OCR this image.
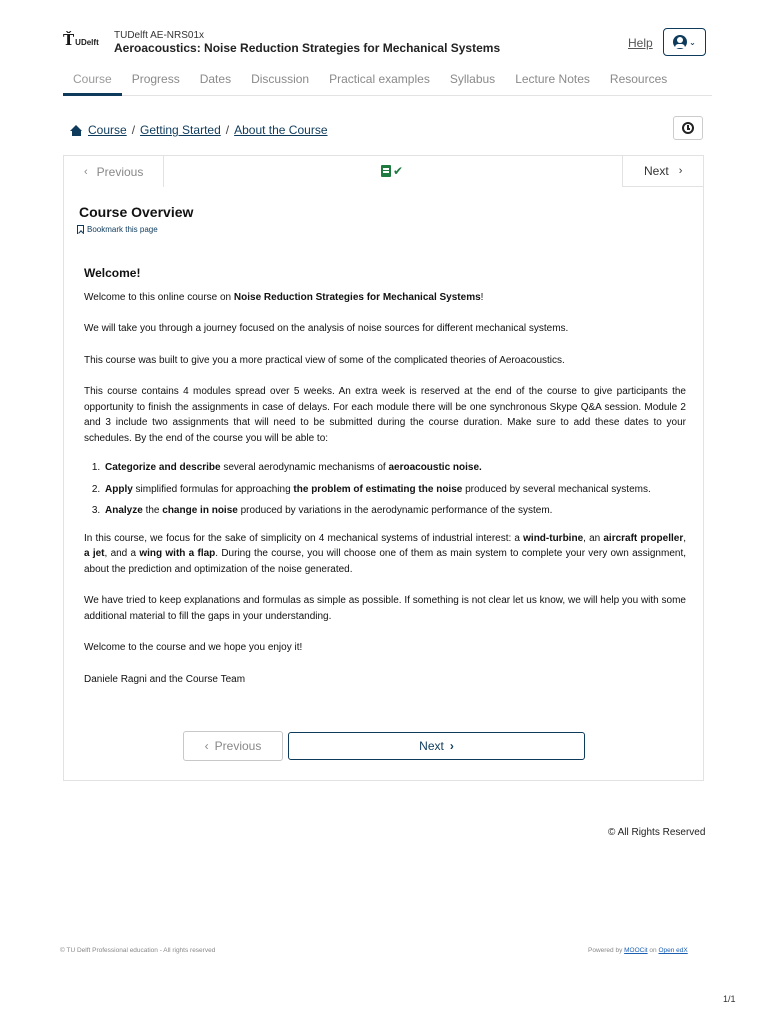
Ť UDelft
TUDelft AE-NRS01x
Aeroacoustics: Noise Reduction Strategies for Mechanical Systems	Help	⌄
Course	Progress	Dates	Discussion	Practical examples	Syllabus	Lecture Notes	Resources
Course / Getting Started / About the Course
‹ Previous	✔	Next ›
Course Overview
Bookmark this page
Welcome!

Welcome to this online course on Noise Reduction Strategies for Mechanical Systems!

We will take you through a journey focused on the analysis of noise sources for different mechanical systems.

This course was built to give you a more practical view of some of the complicated theories of Aeroacoustics.

This course contains 4 modules spread over 5 weeks. An extra week is reserved at the end of the course to give participants the opportunity to finish the assignments in case of delays. For each module there will be one synchronous Skype Q&A session. Module 2 and 3 include two assignments that will need to be submitted during the course duration. Make sure to add these dates to your schedules. By the end of the course you will be able to:

1. Categorize and describe several aerodynamic mechanisms of aeroacoustic noise.
2. Apply simplified formulas for approaching the problem of estimating the noise produced by several mechanical systems.
3. Analyze the change in noise produced by variations in the aerodynamic performance of the system.

In this course, we focus for the sake of simplicity on 4 mechanical systems of industrial interest: a wind-turbine, an aircraft propeller, a jet, and a wing with a flap. During the course, you will choose one of them as main system to complete your very own assignment, about the prediction and optimization of the noise generated.

We have tried to keep explanations and formulas as simple as possible. If something is not clear let us know, we will help you with some additional material to fill the gaps in your understanding.

Welcome to the course and we hope you enjoy it!

Daniele Ragni and the Course Team

‹ Previous	Next ›
© All Rights Reserved
© TU Delft Professional education - All rights reserved	Powered by MOOCit on Open edX
1/1
